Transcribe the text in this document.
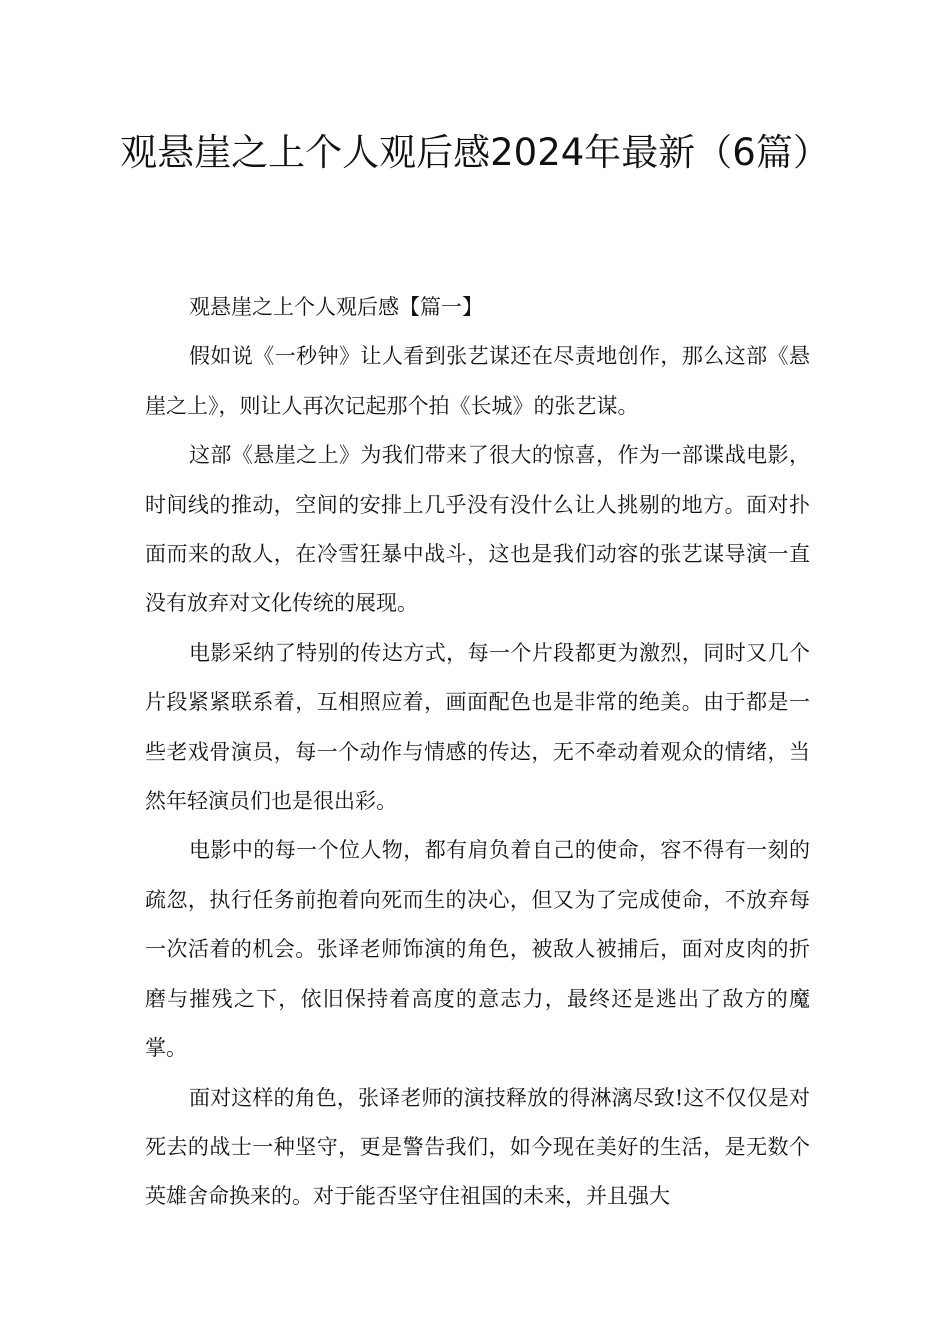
观悬崖之上个人观后感2024年最新（6篇）

观悬崖之上个人观后感【篇一】

假如说《一秒钟》让人看到张艺谋还在尽责地创作，那么这部《悬崖之上》，则让人再次记起那个拍《长城》的张艺谋。

这部《悬崖之上》为我们带来了很大的惊喜，作为一部谍战电影，时间线的推动，空间的安排上几乎没有没什么让人挑剔的地方。面对扑面而来的敌人，在冷雪狂暴中战斗，这也是我们动容的张艺谋导演一直没有放弃对文化传统的展现。

电影采纳了特别的传达方式，每一个片段都更为激烈，同时又几个片段紧紧联系着，互相照应着，画面配色也是非常的绝美。由于都是一些老戏骨演员，每一个动作与情感的传达，无不牵动着观众的情绪，当然年轻演员们也是很出彩。

电影中的每一个位人物，都有肩负着自己的使命，容不得有一刻的疏忽，执行任务前抱着向死而生的决心，但又为了完成使命，不放弃每一次活着的机会。张译老师饰演的角色，被敌人被捕后，面对皮肉的折磨与摧残之下，依旧保持着高度的意志力，最终还是逃出了敌方的魔掌。

面对这样的角色，张译老师的演技释放的得淋漓尽致!这不仅仅是对死去的战士一种坚守，更是警告我们，如今现在美好的生活，是无数个英雄舍命换来的。对于能否坚守住祖国的未来，并且强大
